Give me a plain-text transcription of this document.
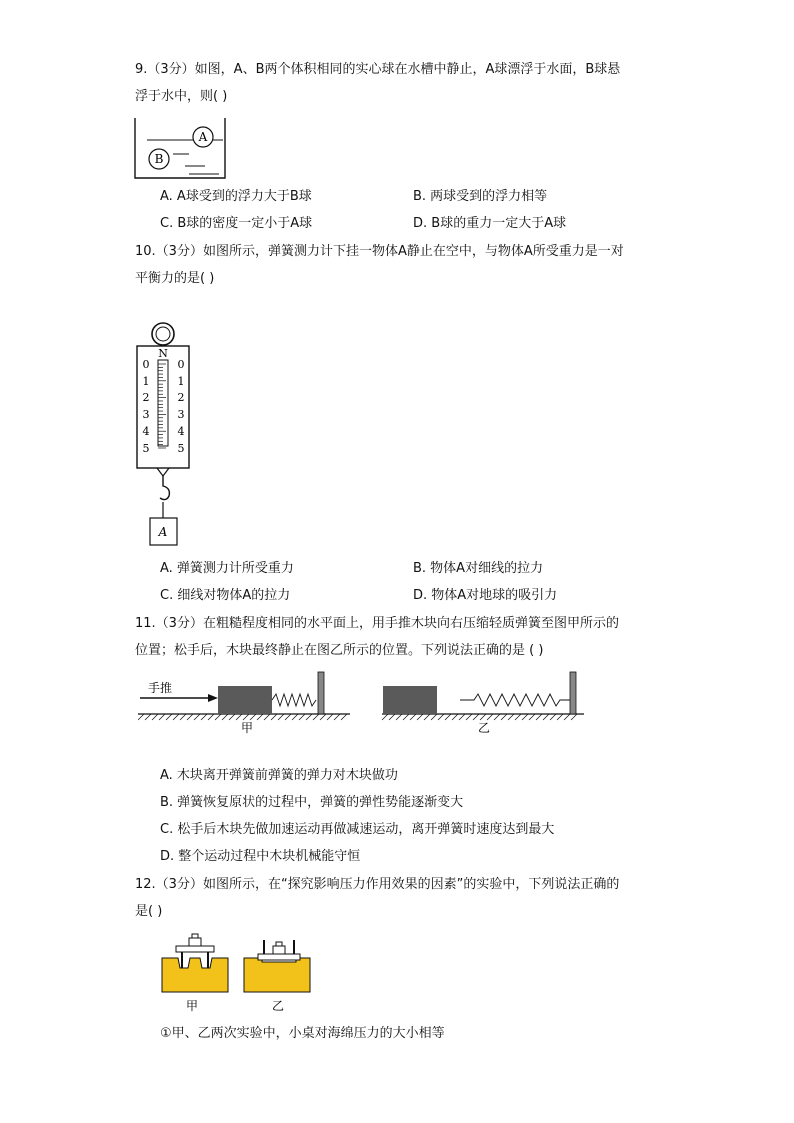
9.（3分）如图，A、B两个体积相同的实心球在水槽中静止，A球漂浮于水面，B球悬
浮于水中，则( )
A
B
A. A球受到的浮力大于B球	B. 两球受到的浮力相等
C. B球的密度一定小于A球	D. B球的重力一定大于A球
10.（3分）如图所示，弹簧测力计下挂一物体A静止在空中，与物体A所受重力是一对
平衡力的是( )
N
0
1
2
3
4
5
0
1
2
3
4
5
A
A. 弹簧测力计所受重力	B. 物体A对细线的拉力
C. 细线对物体A的拉力	D. 物体A对地球的吸引力
11.（3分）在粗糙程度相同的水平面上，用手推木块向右压缩轻质弹簧至图甲所示的
位置；松手后，木块最终静止在图乙所示的位置。下列说法正确的是 ( )
手推
甲	乙
A. 木块离开弹簧前弹簧的弹力对木块做功
B. 弹簧恢复原状的过程中，弹簧的弹性势能逐渐变大
C. 松手后木块先做加速运动再做减速运动，离开弹簧时速度达到最大
D. 整个运动过程中木块机械能守恒
12.（3分）如图所示，在“探究影响压力作用效果的因素”的实验中，下列说法正确的
是( )
甲	乙
①甲、乙两次实验中，小桌对海绵压力的大小相等
